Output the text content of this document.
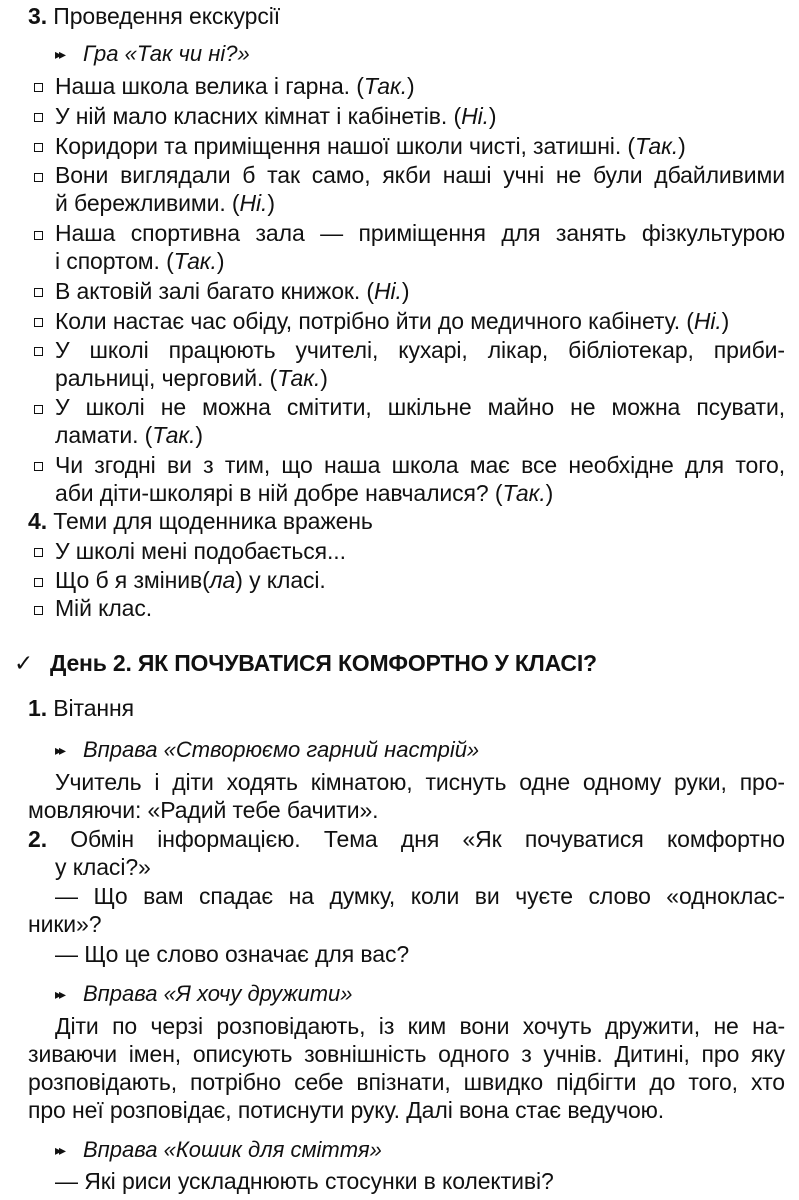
3. Проведення екскурсії
▸▸ Гра «Так чи ні?»
Наша школа велика і гарна. (Так.)
У ній мало класних кімнат і кабінетів. (Ні.)
Коридори та приміщення нашої школи чисті, затишні. (Так.)
Вони виглядали б так само, якби наші учні не були дбайливими
й бережливими. (Ні.)
Наша спортивна зала — приміщення для занять фізкультурою
і спортом. (Так.)
В актовій залі багато книжок. (Ні.)
Коли настає час обіду, потрібно йти до медичного кабінету. (Ні.)
У школі працюють учителі, кухарі, лікар, бібліотекар, приби-
ральниці, черговий. (Так.)
У школі не можна смітити, шкільне майно не можна псувати,
ламати. (Так.)
Чи згодні ви з тим, що наша школа має все необхідне для того,
аби діти-школярі в ній добре навчалися? (Так.)
4. Теми для щоденника вражень
У школі мені подобається...
Що б я змінив(ла) у класі.
Мій клас.
✓ День 2. ЯК ПОЧУВАТИСЯ КОМФОРТНО У КЛАСІ?
1. Вітання
▸▸ Вправа «Створюємо гарний настрій»
Учитель і діти ходять кімнатою, тиснуть одне одному руки, про-
мовляючи: «Радий тебе бачити».
2. Обмін інформацією. Тема дня «Як почуватися комфортно
у класі?»
— Що вам спадає на думку, коли ви чуєте слово «однoклас-
ники»?
— Що це слово означає для вас?
▸▸ Вправа «Я хочу дружити»
Діти по черзі розповідають, із ким вони хочуть дружити, не на-
зиваючи імен, описують зовнішність одного з учнів. Дитині, про яку
розповідають, потрібно себе впізнати, швидко підбігти до того, хто
про неї розповідає, потиснути руку. Далі вона стає ведучою.
▸▸ Вправа «Кошик для сміття»
— Які риси ускладнюють стосунки в колективі?
